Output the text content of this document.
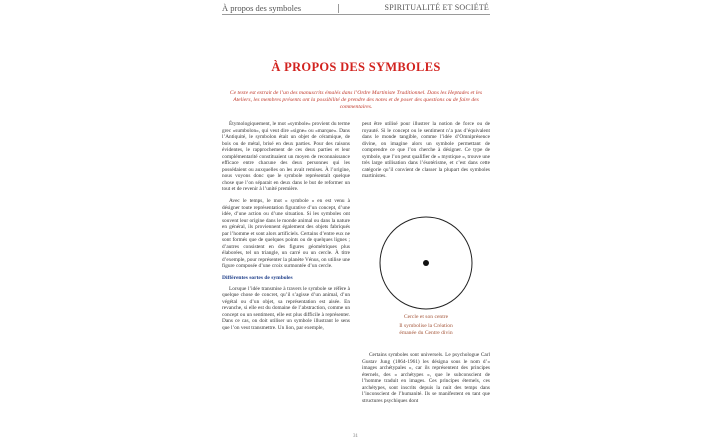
À propos des symboles	SPIRITUALITÉ ET SOCIÉTÉ
À PROPOS DES SYMBOLES
Ce texte est extrait de l’un des manuscrits émalés dans l’Ordre Martiniste Traditionnel. Dans les Heptades et les Ateliers, les membres présents ont la possibilité de prendre des notes et de poser des questions ou de faire des commentaires.

Étymologiquement, le mot «symbole» provient du terme grec «sumbolon», qui veut dire «signe» ou «marque». Dans l’Antiquité, le symbolon était un objet de céramique, de bois ou de métal, brisé en deux parties. Pour des raisons évidentes, le rapprochement de ces deux parties et leur complémentarité constituaient un moyen de reconnaissance efficace entre chacune des deux personnes qui les possédaient ou auxquelles on les avait remises. À l’origine, nous voyons donc que le symbole représentait quelque chose que l’on séparait en deux dans le but de reformer un tout et de revenir à l’unité première.

Avec le temps, le mot « symbole » en est venu à désigner toute représentation figurative d’un concept, d’une idée, d’une action ou d’une situation. Si les symboles ont souvent leur origine dans le monde animal ou dans la nature en général, ils proviennent également des objets fabriqués par l’homme et sont alors artificiels. Certains d’entre eux ne sont formés que de quelques points ou de quelques lignes ; d’autres consistent en des figures géométriques plus élaborées, tel un triangle, un carré ou un cercle. À titre d’exemple, pour représenter la planète Vénus, on utilise une figure composée d’une croix surmontée d’un cercle.

Différentes sortes de symboles

Lorsque l’idée transmise à travers le symbole se réfère à quelque chose de concret, qu’il s’agisse d’un animal, d’un végétal ou d’un objet, sa représentation est aisée. En revanche, si elle est du domaine de l’abstraction, comme un concept ou un sentiment, elle est plus difficile à représenter. Dans ce cas, on doit utiliser un symbole illustrant le sens que l’on veut transmettre. Un lion, par exemple,

peut être utilisé pour illustrer la notion de force ou de royauté. Si le concept ou le sentiment n’a pas d’équivalent dans le monde tangible, comme l’idée d’Omniprésence divine, on imagine alors un symbole permettant de comprendre ce que l’on cherche à désigner. Ce type de symbole, que l’on peut qualifier de « mystique », trouve une très large utilisation dans l’ésotérisme, et c’est dans cette catégorie qu’il convient de classer la plupart des symboles martinistes.

Cercle et son centre
Il symbolise la Création
émanée du Centre divin

Certains symboles sont universels. Le psychologue Carl Gustav Jung (1864-1961) les désigna sous le nom d’« images archétypales », car ils représentent des principes éternels, des « archétypes », que le subconscient de l’homme traduit en images. Ces principes éternels, ces archétypes, sont inscrits depuis la nuit des temps dans l’inconscient de l’humanité. Ils se manifestent en tant que structures psychiques dont

31
